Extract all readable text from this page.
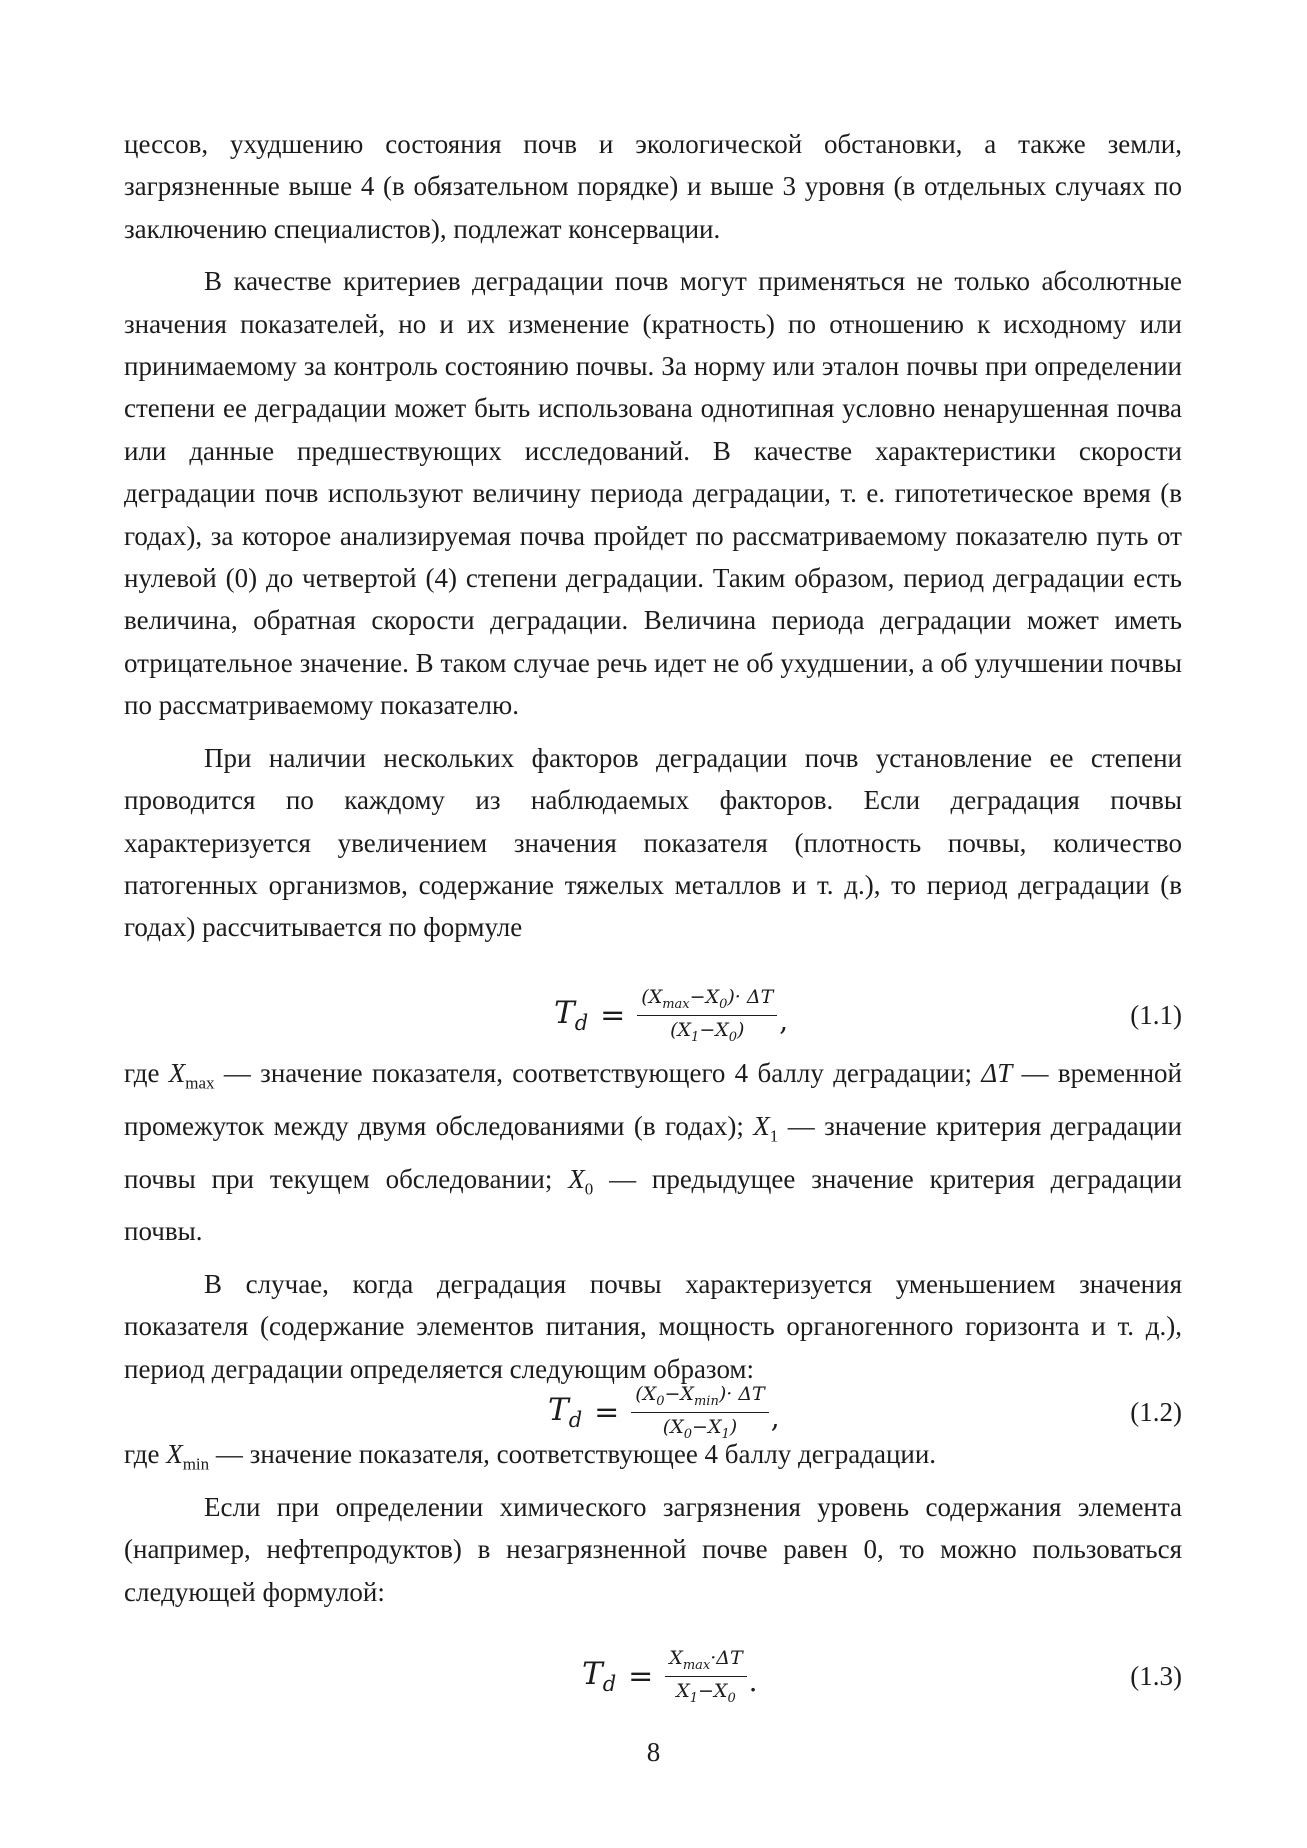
цессов, ухудшению состояния почв и экологической обстановки, а также земли, загрязненные выше 4 (в обязательном порядке) и выше 3 уровня (в отдельных случаях по заключению специалистов), подлежат консервации.

В качестве критериев деградации почв могут применяться не только абсолютные значения показателей, но и их изменение (кратность) по отношению к исходному или принимаемому за контроль состоянию почвы. За норму или эталон почвы при определении степени ее деградации может быть использована однотипная условно ненарушенная почва или данные предшествующих исследований. В качестве характеристики скорости деградации почв используют величину периода деградации, т. е. гипотетическое время (в годах), за которое анализируемая почва пройдет по рассматриваемому показателю путь от нулевой (0) до четвертой (4) степени деградации. Таким образом, период деградации есть величина, обратная скорости деградации. Величина периода деградации может иметь отрицательное значение. В таком случае речь идет не об ухудшении, а об улучшении почвы по рассматриваемому показателю.

При наличии нескольких факторов деградации почв установление ее степени проводится по каждому из наблюдаемых факторов. Если деградация почвы характеризуется увеличением значения показателя (плотность почвы, количество патогенных организмов, содержание тяжелых металлов и т. д.), то период деградации (в годах) рассчитывается по формуле

$T_d = \frac{(X_{max}-X_0)\cdot \Delta T}{(X_1-X_0)}$ ,	(1.1)

где $X_{max}$ — значение показателя, соответствующего 4 баллу деградации; ΔT — временной промежуток между двумя обследованиями (в годах); $X_1$ — значение критерия деградации почвы при текущем обследовании; $X_0$ — предыдущее значение критерия деградации почвы.

В случае, когда деградация почвы характеризуется уменьшением значения показателя (содержание элементов питания, мощность органогенного горизонта и т. д.), период деградации определяется следующим образом:

$T_d = \frac{(X_0-X_{min})\cdot \Delta T}{(X_0-X_1)}$ ,	(1.2)

где $X_{min}$ — значение показателя, соответствующее 4 баллу деградации.

Если при определении химического загрязнения уровень содержания элемента (например, нефтепродуктов) в незагрязненной почве равен 0, то можно пользоваться следующей формулой:

$T_d = \frac{X_{max}\cdot\Delta T}{X_1-X_0}$ .	(1.3)
8
